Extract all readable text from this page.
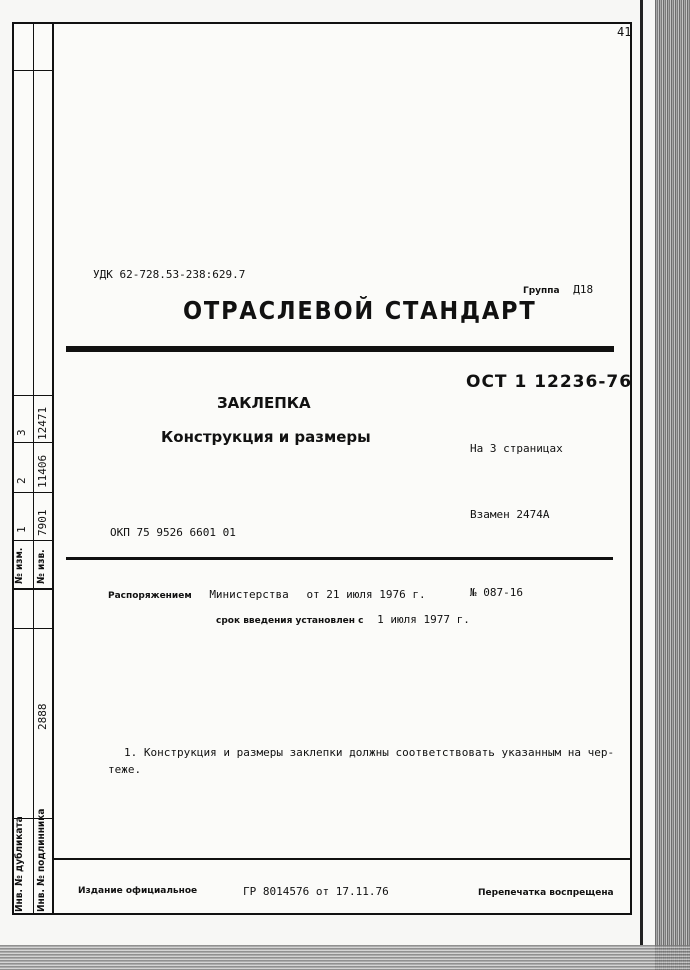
3 12471
2 11406
1 7901
№ изм. № изв.
2888
Инв. № дубликата Инв. № подлинника
41
УДК 62-728.53-238:629.7
Группа Д18
ОТРАСЛЕВОЙ СТАНДАРТ
ОСТ 1 12236-76
ЗАКЛЕПКА
Конструкция и размеры
На 3 страницах
Взамен 2474А
ОКП 75 9526 6601 01
Распоряжением Министерства от 21 июля 1976 г.	№ 087-16
срок введения установлен с 1 июля 1977 г.
1. Конструкция и размеры заклепки должны соответствовать указанным на чер-
теже.
Издание официальное	ГР 8014576 от 17.11.76	Перепечатка воспрещена
